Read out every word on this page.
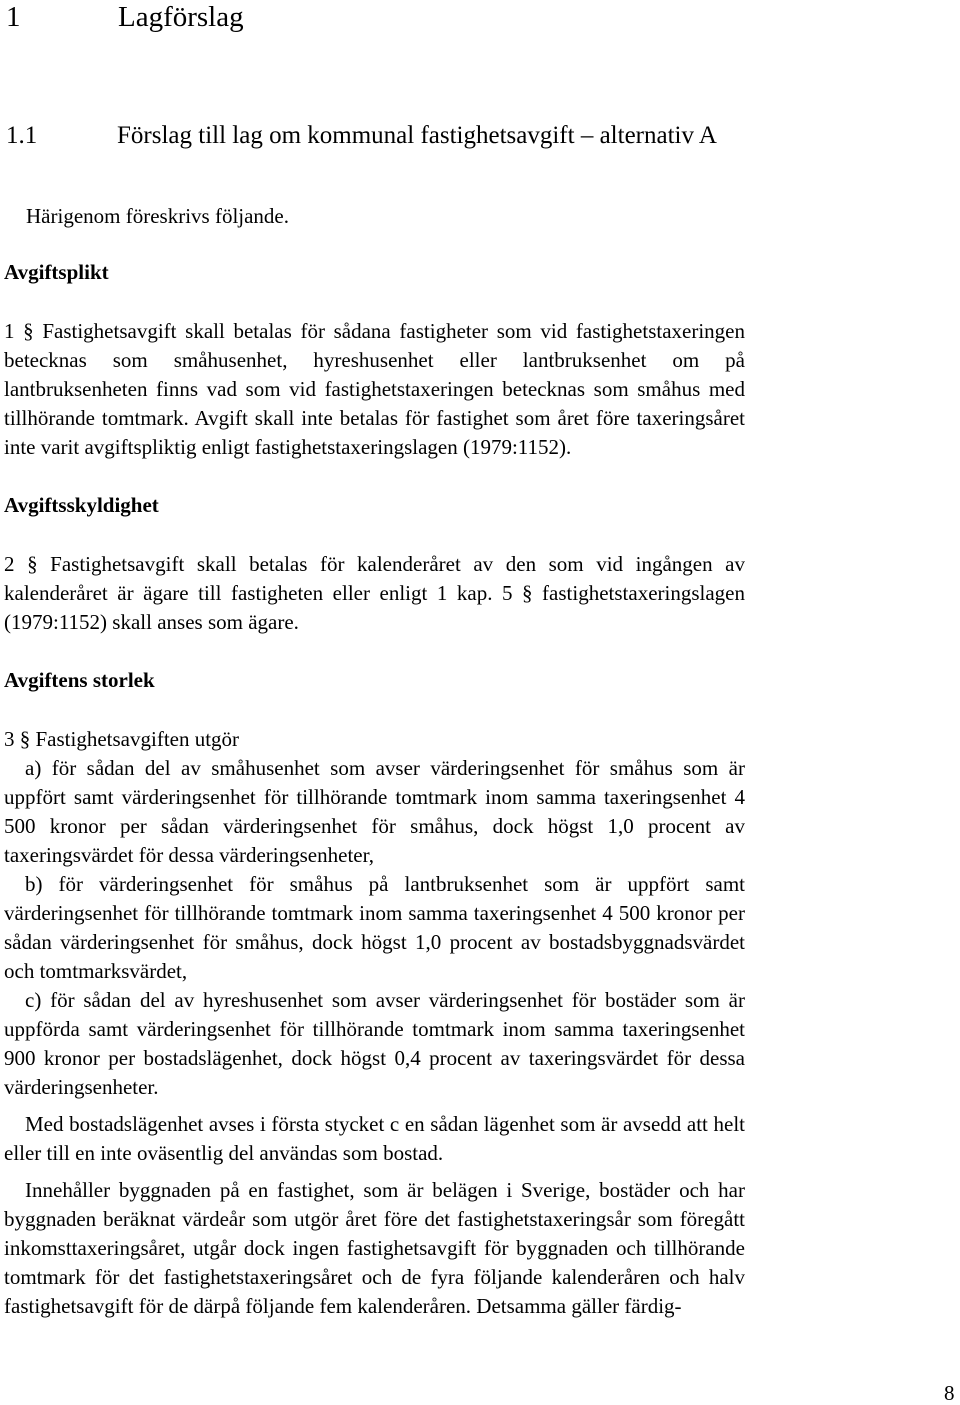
1	Lagförslag
1.1	Förslag till lag om kommunal fastighetsavgift – alternativ A

Härigenom föreskrivs följande.

Avgiftsplikt

1 § Fastighetsavgift skall betalas för sådana fastigheter som vid fastighetstaxeringen betecknas som småhusenhet, hyreshusenhet eller lantbruksenhet om på lantbruksenheten finns vad som vid fastighetstaxeringen betecknas som småhus med tillhörande tomtmark. Avgift skall inte betalas för fastighet som året före taxeringsåret inte varit avgiftspliktig enligt fastighetstaxeringslagen (1979:1152).

Avgiftsskyldighet

2 § Fastighetsavgift skall betalas för kalenderåret av den som vid ingången av kalenderåret är ägare till fastigheten eller enligt 1 kap. 5 § fastighetstaxeringslagen (1979:1152) skall anses som ägare.

Avgiftens storlek

3 § Fastighetsavgiften utgör

a) för sådan del av småhusenhet som avser värderingsenhet för småhus som är uppfört samt värderingsenhet för tillhörande tomtmark inom samma taxeringsenhet 4 500 kronor per sådan värderingsenhet för småhus, dock högst 1,0 procent av taxeringsvärdet för dessa värderingsenheter,

b) för värderingsenhet för småhus på lantbruksenhet som är uppfört samt värderingsenhet för tillhörande tomtmark inom samma taxeringsenhet 4 500 kronor per sådan värderingsenhet för småhus, dock högst 1,0 procent av bostadsbyggnadsvärdet och tomtmarksvärdet,

c) för sådan del av hyreshusenhet som avser värderingsenhet för bostäder som är uppförda samt värderingsenhet för tillhörande tomtmark inom samma taxeringsenhet 900 kronor per bostadslägenhet, dock högst 0,4 procent av taxeringsvärdet för dessa värderingsenheter.

Med bostadslägenhet avses i första stycket c en sådan lägenhet som är avsedd att helt eller till en inte oväsentlig del användas som bostad.

Innehåller byggnaden på en fastighet, som är belägen i Sverige, bostäder och har byggnaden beräknat värdeår som utgör året före det fastighetstaxeringsår som föregått inkomsttaxeringsåret, utgår dock ingen fastighetsavgift för byggnaden och tillhörande tomtmark för det fastighetstaxeringsåret och de fyra följande kalenderåren och halv fastighetsavgift för de därpå följande fem kalenderåren. Detsamma gäller färdig-

8
